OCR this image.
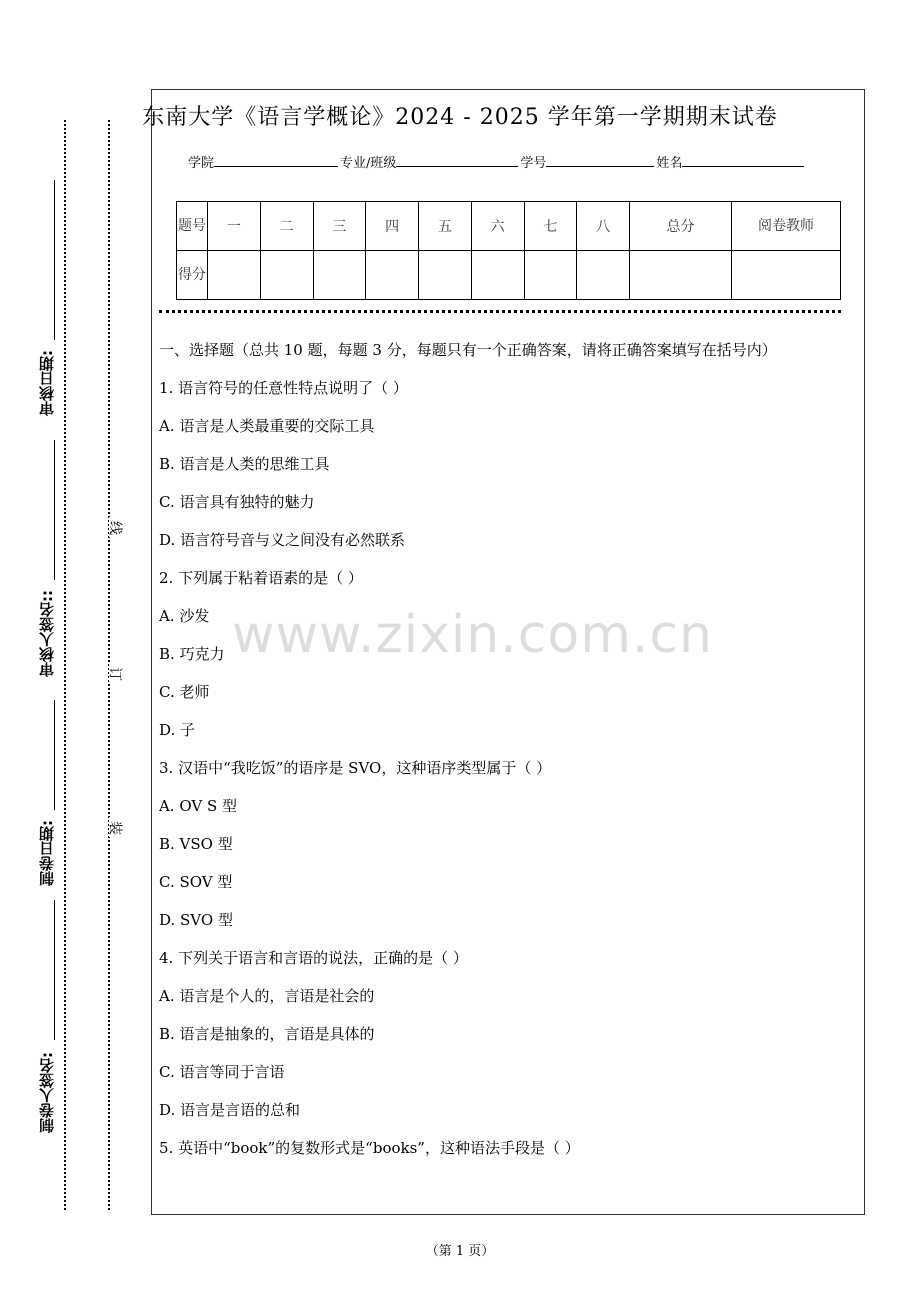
审核日期:
审核人签名::
制卷日期:
制卷人签名:
线
订
装
东南大学《语言学概论》2024 - 2025 学年第一学期期末试卷
学院	专业/班级	学号	姓名
题号	一	二	三	四	五	六	七	八	总分	阅卷教师
得分										
www.zixin.com.cn
一、选择题（总共 10 题，每题 3 分，每题只有一个正确答案，请将正确答案填写在括号内）
1. 语言符号的任意性特点说明了（ ）
A. 语言是人类最重要的交际工具
B. 语言是人类的思维工具
C. 语言具有独特的魅力
D. 语言符号音与义之间没有必然联系
2. 下列属于粘着语素的是（ ）
A. 沙发
B. 巧克力
C. 老师
D. 子
3. 汉语中“我吃饭”的语序是 SVO，这种语序类型属于（ ）
A. OV S 型
B. VSO 型
C. SOV 型
D. SVO 型
4. 下列关于语言和言语的说法，正确的是（ ）
A. 语言是个人的，言语是社会的
B. 语言是抽象的，言语是具体的
C. 语言等同于言语
D. 语言是言语的总和
5. 英语中“book”的复数形式是“books”，这种语法手段是（ ）
（第 1 页）
